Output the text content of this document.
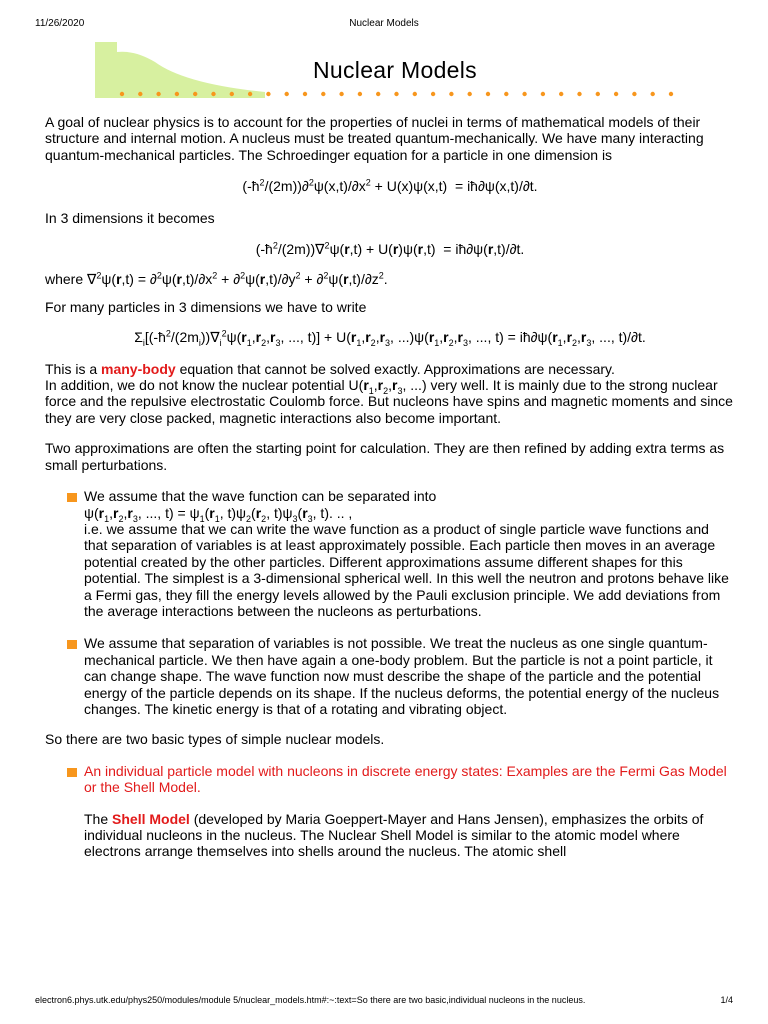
11/26/2020	Nuclear Models
Nuclear Models

A goal of nuclear physics is to account for the properties of nuclei in terms of mathematical models of their structure and internal motion. A nucleus must be treated quantum-mechanically. We have many interacting quantum-mechanical particles. The Schroedinger equation for a particle in one dimension is

$(-ħ^2/(2m))\partial^2\psi(x,t)/\partial x^2 + U(x)\psi(x,t)$  = iħ∂ψ(x,t)/∂t.

In 3 dimensions it becomes

$(-ħ^2/(2m))\nabla^2\psi(r,t) + U(r)\psi(r,t)$  = iħ∂ψ(r,t)/∂t.

where $\nabla^2\psi(r,t) = \partial^2\psi(r,t)/\partial x^2 + \partial^2\psi(r,t)/\partial y^2 + \partial^2\psi(r,t)/\partial z^2$.

For many particles in 3 dimensions we have to write

$\Sigma_i[(-ħ^2/(2m_i))\nabla_i^2\psi(r_1,r_2,r_3$, ..., $t)] + U(r_1,r_2,r_3$, $...)\psi(r_1,r_2,r_3$, ..., $t) = iħ\partial\psi(r_1,r_2,r_3$, ..., t)/∂t.

This is a many-body equation that cannot be solved exactly. Approximations are necessary.
In addition, we do not know the nuclear potential $U(r_1,r_2,r_3$, ...) very well. It is mainly due to the strong nuclear force and the repulsive electrostatic Coulomb force. But nucleons have spins and magnetic moments and since they are very close packed, magnetic interactions also become important.

Two approximations are often the starting point for calculation. They are then refined by adding extra terms as small perturbations.

We assume that the wave function can be separated into
$\psi(r_1,r_2,r_3$, ..., $t) = \psi_1(r_1$, $t)\psi_2(r_2$, $t)\psi_3(r_3$, t). .. ,
i.e. we assume that we can write the wave function as a product of single particle wave functions and that separation of variables is at least approximately possible. Each particle then moves in an average potential created by the other particles. Different approximations assume different shapes for this potential. The simplest is a 3-dimensional spherical well. In this well the neutron and protons behave like a Fermi gas, they fill the energy levels allowed by the Pauli exclusion principle. We add deviations from the average interactions between the nucleons as perturbations.
We assume that separation of variables is not possible. We treat the nucleus as one single quantum-mechanical particle. We then have again a one-body problem. But the particle is not a point particle, it can change shape. The wave function now must describe the shape of the particle and the potential energy of the particle depends on its shape. If the nucleus deforms, the potential energy of the nucleus changes. The kinetic energy is that of a rotating and vibrating object.

So there are two basic types of simple nuclear models.

An individual particle model with nucleons in discrete energy states: Examples are the Fermi Gas Model or the Shell Model.

The Shell Model (developed by Maria Goeppert-Mayer and Hans Jensen), emphasizes the orbits of individual nucleons in the nucleus. The Nuclear Shell Model is similar to the atomic model where electrons arrange themselves into shells around the nucleus. The atomic shell

electron6.phys.utk.edu/phys250/modules/module 5/nuclear_models.htm#:~:text=So there are two basic,individual nucleons in the nucleus.	1/4
